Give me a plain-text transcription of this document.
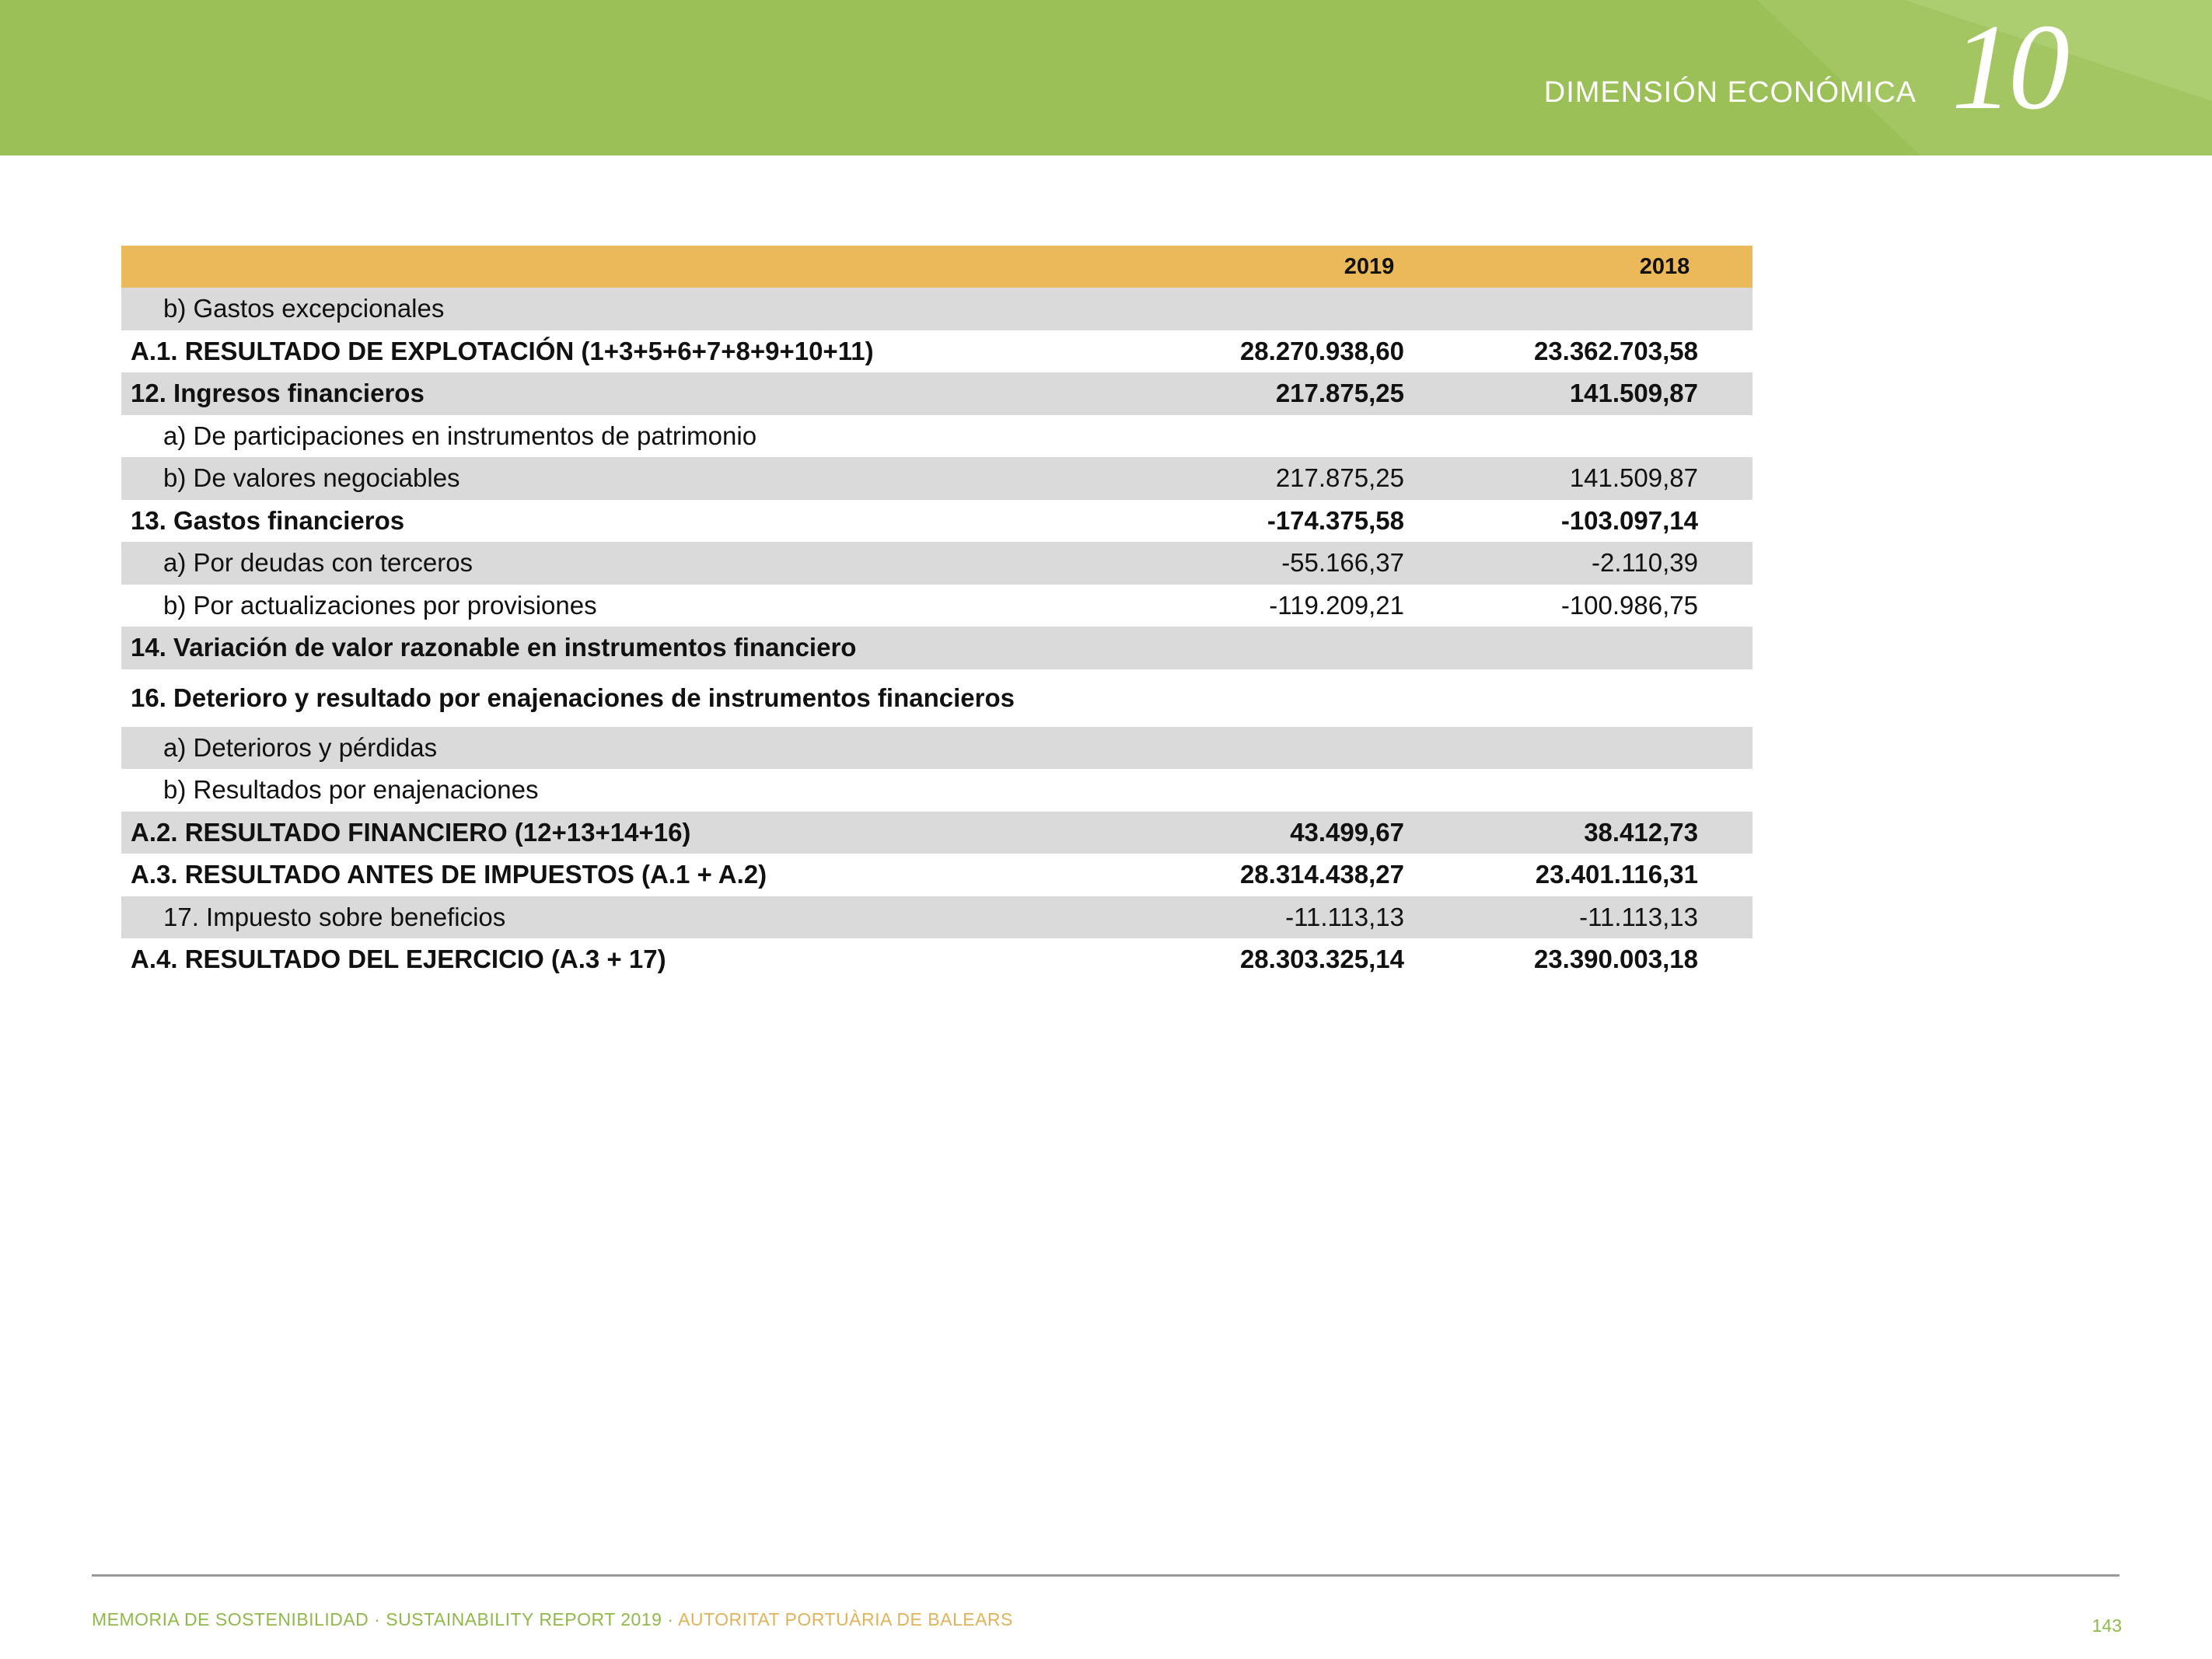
DIMENSIÓN ECONÓMICA 10
2019	2018
b) Gastos excepcionales
A.1. RESULTADO DE EXPLOTACIÓN (1+3+5+6+7+8+9+10+11)	28.270.938,60	23.362.703,58
12. Ingresos financieros	217.875,25	141.509,87
a) De participaciones en instrumentos de patrimonio
b) De valores negociables	217.875,25	141.509,87
13. Gastos financieros	-174.375,58	-103.097,14
a) Por deudas con terceros	-55.166,37	-2.110,39
b) Por actualizaciones por provisiones	-119.209,21	-100.986,75
14. Variación de valor razonable en instrumentos financiero
16. Deterioro y resultado por enajenaciones de instrumentos financieros
a) Deterioros y pérdidas
b) Resultados por enajenaciones
A.2. RESULTADO FINANCIERO (12+13+14+16)	43.499,67	38.412,73
A.3. RESULTADO ANTES DE IMPUESTOS (A.1 + A.2)	28.314.438,27	23.401.116,31
17. Impuesto sobre beneficios	-11.113,13	-11.113,13
A.4. RESULTADO DEL EJERCICIO (A.3 + 17)	28.303.325,14	23.390.003,18
MEMORIA DE SOSTENIBILIDAD · SUSTAINABILITY REPORT 2019 · AUTORITAT PORTUÀRIA DE BALEARS	143
